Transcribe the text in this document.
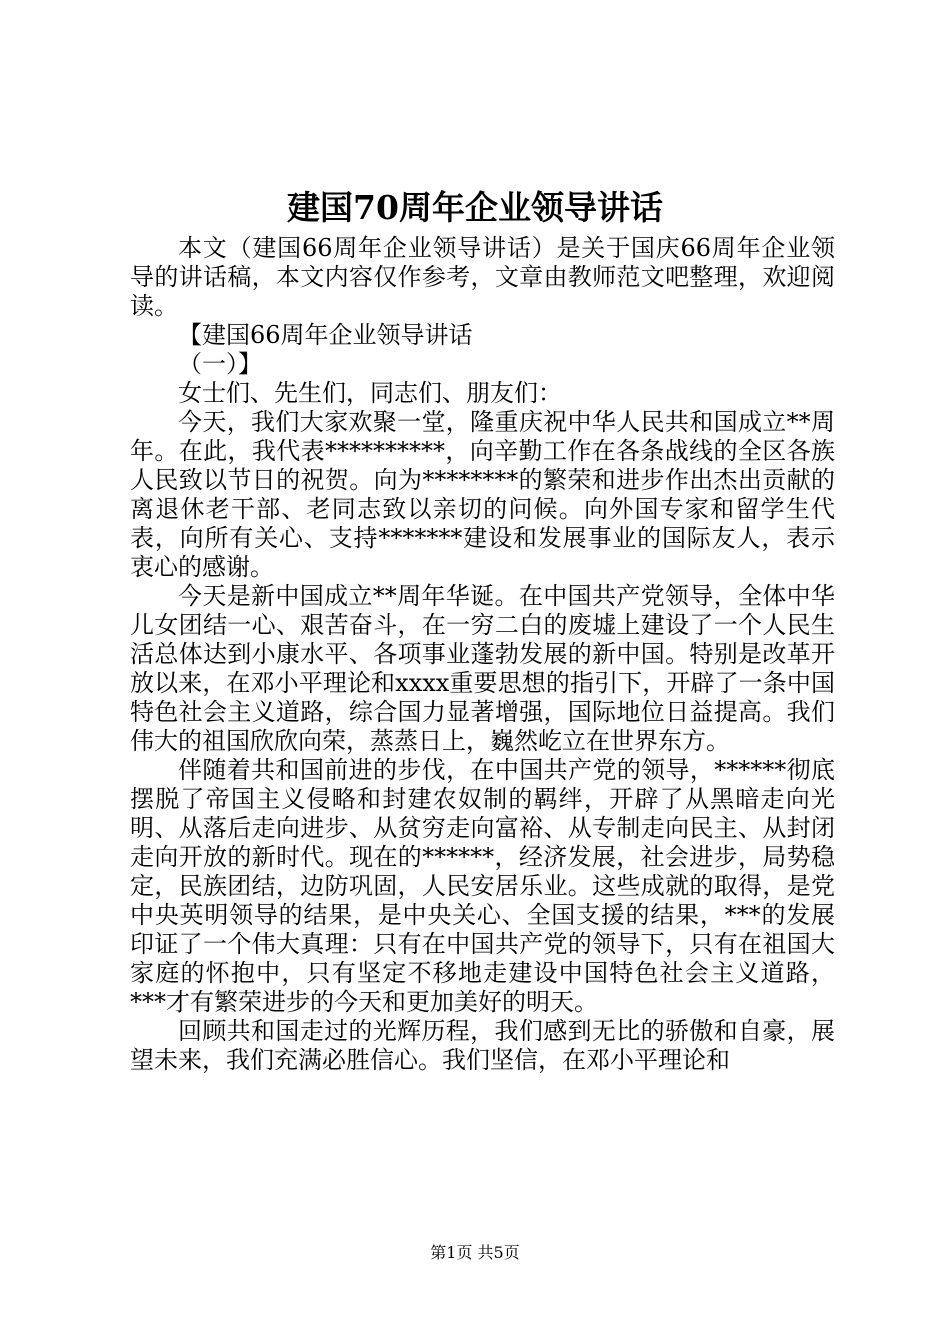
建国70周年企业领导讲话

本文（建国66周年企业领导讲话）是关于国庆66周年企业领导的讲话稿，本文内容仅作参考，文章由教师范文吧整理，欢迎阅读。

【建国66周年企业领导讲话

（一）】

女士们、先生们，同志们、朋友们：

今天，我们大家欢聚一堂，隆重庆祝中华人民共和国成立**周年。在此，我代表**********，向辛勤工作在各条战线的全区各族人民致以节日的祝贺。向为********的繁荣和进步作出杰出贡献的离退休老干部、老同志致以亲切的问候。向外国专家和留学生代表，向所有关心、支持*******建设和发展事业的国际友人，表示衷心的感谢。

今天是新中国成立**周年华诞。在中国共产党领导，全体中华儿女团结一心、艰苦奋斗，在一穷二白的废墟上建设了一个人民生活总体达到小康水平、各项事业蓬勃发展的新中国。特别是改革开放以来，在邓小平理论和xxxx重要思想的指引下，开辟了一条中国特色社会主义道路，综合国力显著增强，国际地位日益提高。我们伟大的祖国欣欣向荣，蒸蒸日上，巍然屹立在世界东方。

伴随着共和国前进的步伐，在中国共产党的领导，******彻底摆脱了帝国主义侵略和封建农奴制的羁绊，开辟了从黑暗走向光明、从落后走向进步、从贫穷走向富裕、从专制走向民主、从封闭走向开放的新时代。现在的******，经济发展，社会进步，局势稳定，民族团结，边防巩固，人民安居乐业。这些成就的取得，是党中央英明领导的结果，是中央关心、全国支援的结果，***的发展印证了一个伟大真理：只有在中国共产党的领导下，只有在祖国大家庭的怀抱中，只有坚定不移地走建设中国特色社会主义道路，***才有繁荣进步的今天和更加美好的明天。

回顾共和国走过的光辉历程，我们感到无比的骄傲和自豪，展望未来，我们充满必胜信心。我们坚信，在邓小平理论和

第1页 共5页
